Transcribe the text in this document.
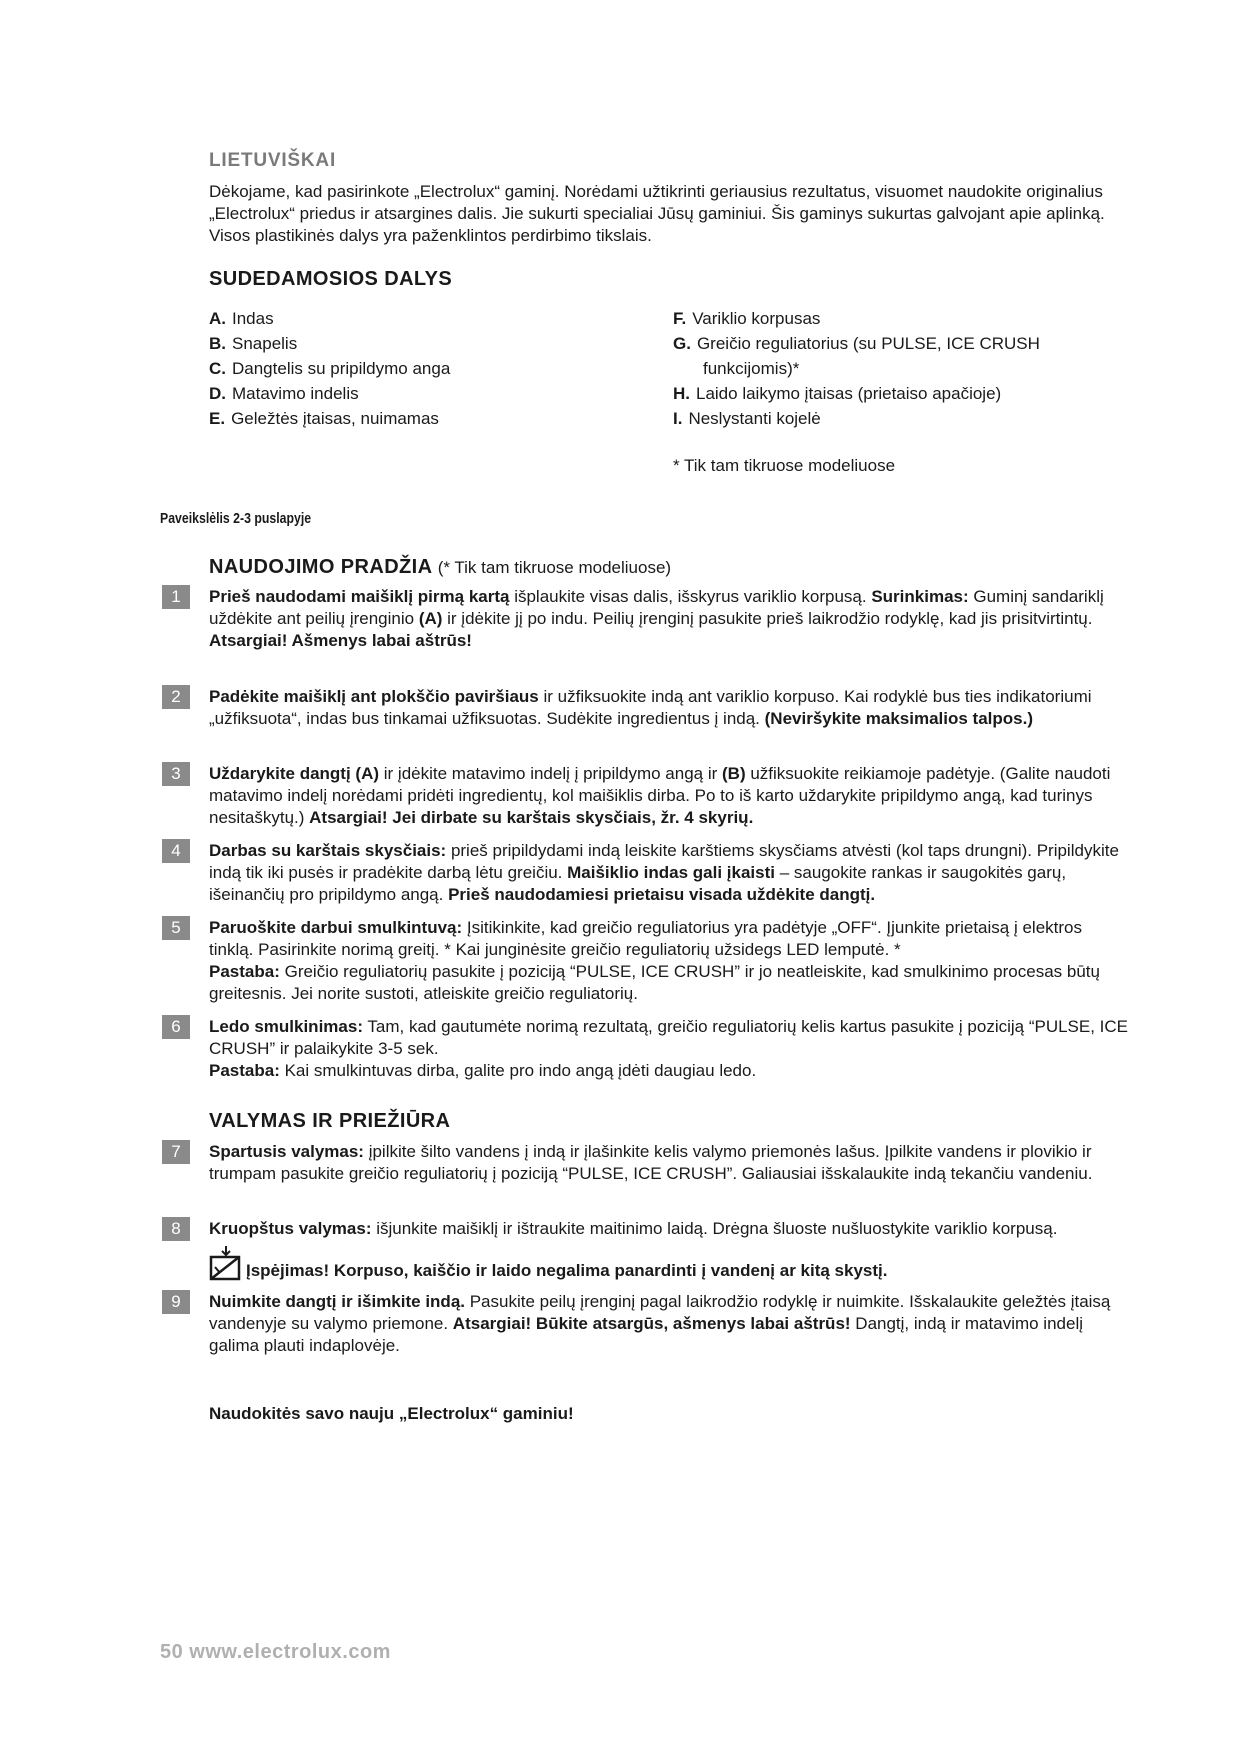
LIETUVIŠKAI

Dėkojame, kad pasirinkote „Electrolux“ gaminį. Norėdami užtikrinti geriausius rezultatus, visuomet naudokite originalius „Electrolux“ priedus ir atsargines dalis. Jie sukurti specialiai Jūsų gaminiui. Šis gaminys sukurtas galvojant apie aplinką. Visos plastikinės dalys yra paženklintos perdirbimo tikslais.

SUDEDAMOSIOS DALYS
A. Indas
B. Snapelis
C. Dangtelis su pripildymo anga
D. Matavimo indelis
E. Geležtės įtaisas, nuimamas
F. Variklio korpusas
G. Greičio reguliatorius (su PULSE, ICE CRUSH
funkcijomis)*
H. Laido laikymo įtaisas (prietaiso apačioje)
I. Neslystanti kojelė
* Tik tam tikruose modeliuose
Paveikslėlis 2-3 puslapyje
NAUDOJIMO PRADŽIA (* Tik tam tikruose modeliuose)
1	Prieš naudodami maišiklį pirmą kartą išplaukite visas dalis, išskyrus variklio korpusą. Surinkimas: Guminį sandariklį uždėkite ant peilių įrenginio (A) ir įdėkite jį po indu. Peilių įrenginį pasukite prieš laikrodžio rodyklę, kad jis prisitvirtintų.

Atsargiai! Ašmenys labai aštrūs!

2	Padėkite maišiklį ant plokščio paviršiaus ir užfiksuokite indą ant variklio korpuso. Kai rodyklė bus ties indikatoriumi „užfiksuota“, indas bus tinkamai užfiksuotas. Sudėkite ingredientus į indą. (Neviršykite maksimalios talpos.)

3	Uždarykite dangtį (A) ir įdėkite matavimo indelį į pripildymo angą ir (B) užfiksuokite reikiamoje padėtyje. (Galite naudoti matavimo indelį norėdami pridėti ingredientų, kol maišiklis dirba. Po to iš karto uždarykite pripildymo angą, kad turinys nesitaškytų.) Atsargiai! Jei dirbate su karštais skysčiais, žr. 4 skyrių.

4	Darbas su karštais skysčiais: prieš pripildydami indą leiskite karštiems skysčiams atvėsti (kol taps drungni). Pripildykite indą tik iki pusės ir pradėkite darbą lėtu greičiu. Maišiklio indas gali įkaisti – saugokite rankas ir saugokitės garų, išeinančių pro pripildymo angą. Prieš naudodamiesi prietaisu visada uždėkite dangtį.

5	Paruoškite darbui smulkintuvą: Įsitikinkite, kad greičio reguliatorius yra padėtyje „OFF“. Įjunkite prietaisą į elektros tinklą. Pasirinkite norimą greitį. * Kai junginėsite greičio reguliatorių užsidegs LED lemputė. *

Pastaba: Greičio reguliatorių pasukite į poziciją “PULSE, ICE CRUSH” ir jo neatleiskite, kad smulkinimo procesas būtų greitesnis. Jei norite sustoti, atleiskite greičio reguliatorių.

6	Ledo smulkinimas: Tam, kad gautumėte norimą rezultatą, greičio reguliatorių kelis kartus pasukite į poziciją “PULSE, ICE CRUSH” ir palaikykite 3-5 sek.

Pastaba: Kai smulkintuvas dirba, galite pro indo angą įdėti daugiau ledo.

VALYMAS IR PRIEŽIŪRA
7	Spartusis valymas: įpilkite šilto vandens į indą ir įlašinkite kelis valymo priemonės lašus. Įpilkite vandens ir plovikio ir trumpam pasukite greičio reguliatorių į poziciją “PULSE, ICE CRUSH”. Galiausiai išskalaukite indą tekančiu vandeniu.

8	Kruopštus valymas: išjunkite maišiklį ir ištraukite maitinimo laidą. Drėgna šluoste nušluostykite variklio korpusą.

Įspėjimas! Korpuso, kaiščio ir laido negalima panardinti į vandenį ar kitą skystį.
9	Nuimkite dangtį ir išimkite indą. Pasukite peilų įrenginį pagal laikrodžio rodyklę ir nuimkite. Išskalaukite geležtės įtaisą vandenyje su valymo priemone. Atsargiai! Būkite atsargūs, ašmenys labai aštrūs! Dangtį, indą ir matavimo indelį galima plauti indaplovėje.

Naudokitės savo nauju „Electrolux“ gaminiu!
50 www.electrolux.com
